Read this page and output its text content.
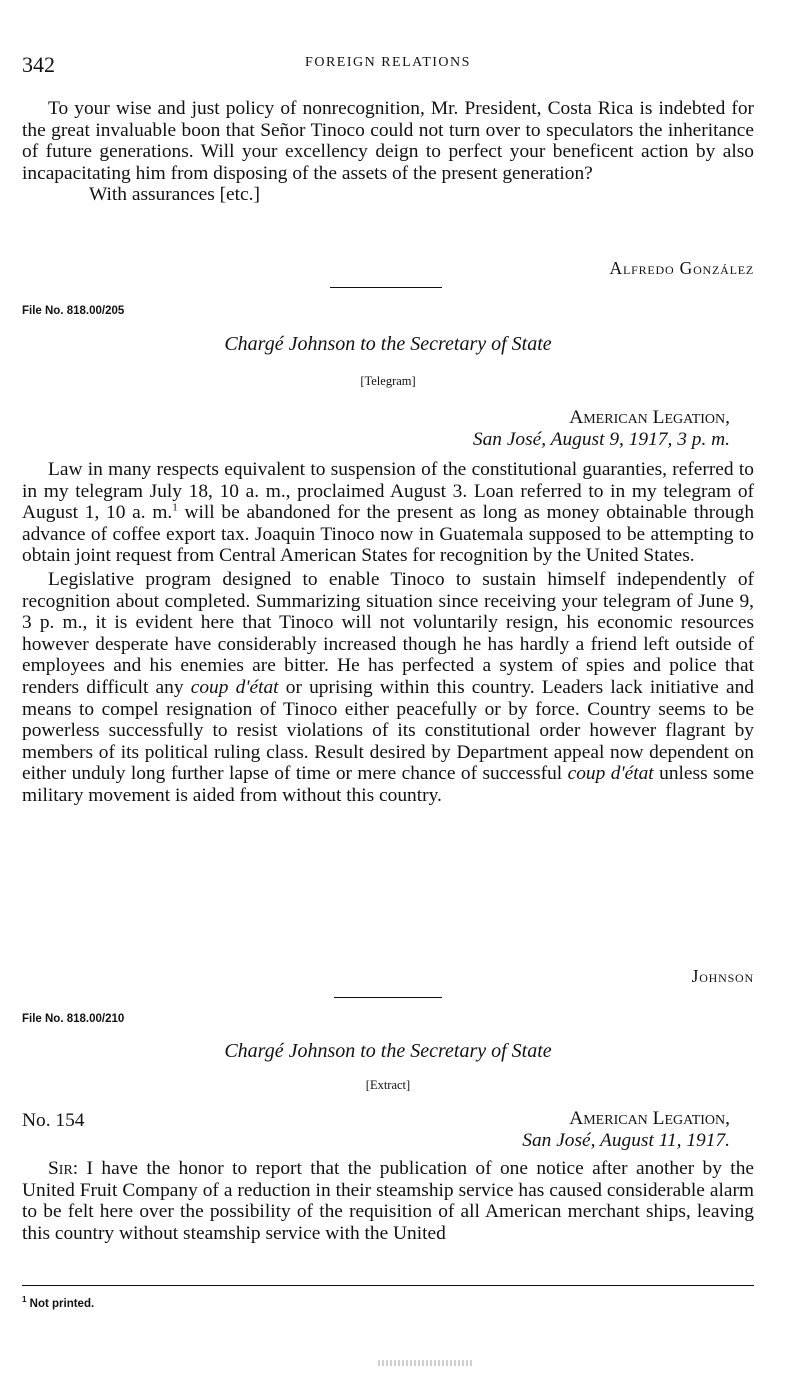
342	FOREIGN RELATIONS

To your wise and just policy of nonrecognition, Mr. President, Costa Rica is indebted for the great invaluable boon that Señor Tinoco could not turn over to speculators the inheritance of future generations. Will your excellency deign to perfect your beneficent action by also incapacitating him from disposing of the assets of the present generation?

With assurances [etc.]

Alfredo González
File No. 818.00/205
Chargé Johnson to the Secretary of State
[Telegram]
American Legation,
San José, August 9, 1917, 3 p. m.

Law in many respects equivalent to suspension of the constitutional guaranties, referred to in my telegram July 18, 10 a. m., proclaimed August 3. Loan referred to in my telegram of August 1, 10 a. m.$^1$ will be abandoned for the present as long as money obtainable through advance of coffee export tax. Joaquin Tinoco now in Guatemala supposed to be attempting to obtain joint request from Central American States for recognition by the United States.

Legislative program designed to enable Tinoco to sustain himself independently of recognition about completed. Summarizing situation since receiving your telegram of June 9, 3 p. m., it is evident here that Tinoco will not voluntarily resign, his economic resources however desperate have considerably increased though he has hardly a friend left outside of employees and his enemies are bitter. He has perfected a system of spies and police that renders difficult any coup d'état or uprising within this country. Leaders lack initiative and means to compel resignation of Tinoco either peacefully or by force. Country seems to be powerless successfully to resist violations of its constitutional order however flagrant by members of its political ruling class. Result desired by Department appeal now dependent on either unduly long further lapse of time or mere chance of successful coup d'état unless some military movement is aided from without this country.

Johnson
File No. 818.00/210
Chargé Johnson to the Secretary of State
[Extract]
No. 154	American Legation,
San José, August 11, 1917.

Sir: I have the honor to report that the publication of one notice after another by the United Fruit Company of a reduction in their steamship service has caused considerable alarm to be felt here over the possibility of the requisition of all American merchant ships, leaving this country without steamship service with the United

$^1$ Not printed.
